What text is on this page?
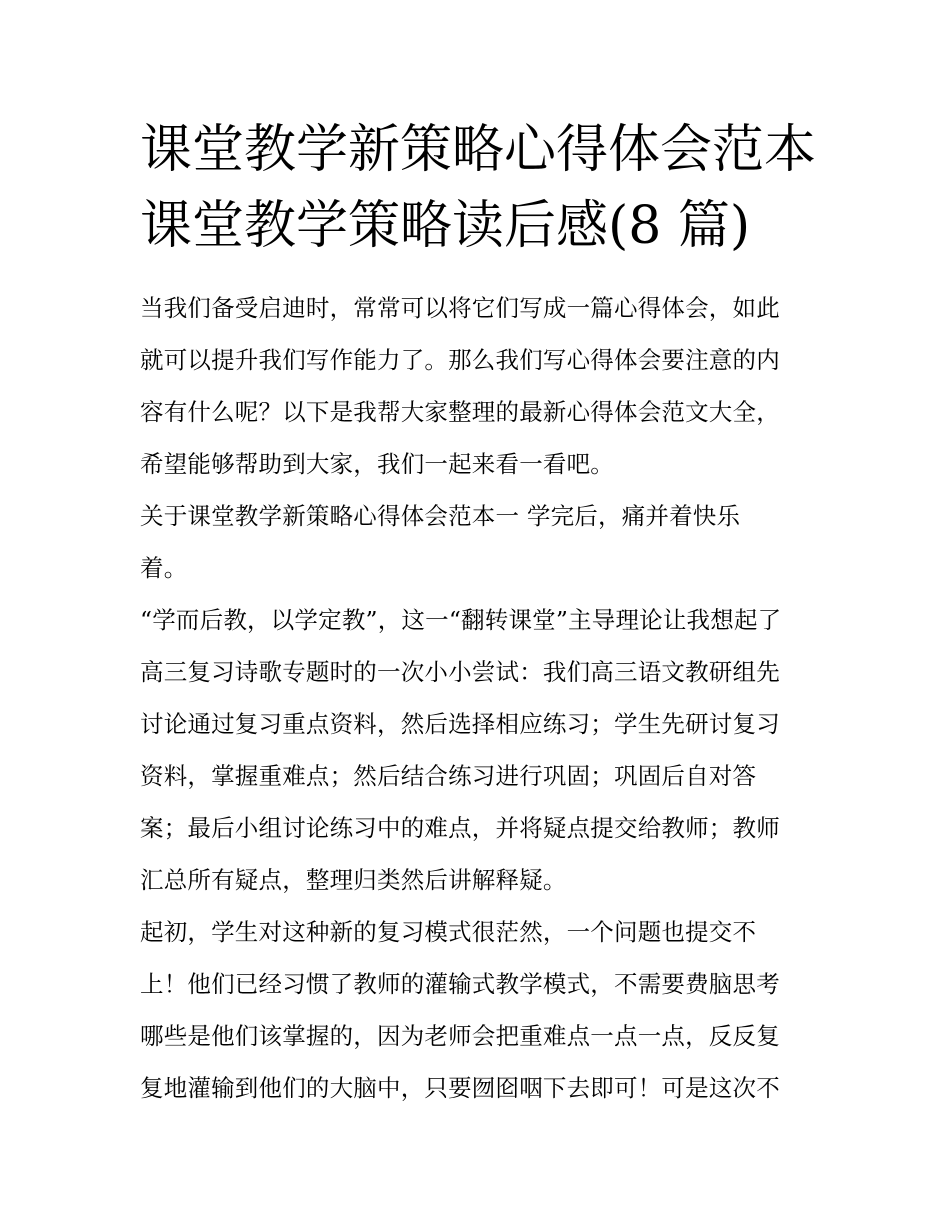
课堂教学新策略心得体会范本
课堂教学策略读后感(8 篇)
当我们备受启迪时，常常可以将它们写成一篇心得体会，如此
就可以提升我们写作能力了。那么我们写心得体会要注意的内
容有什么呢？以下是我帮大家整理的最新心得体会范文大全，
希望能够帮助到大家，我们一起来看一看吧。
关于课堂教学新策略心得体会范本一 学完后，痛并着快乐
着。
“学而后教，以学定教”，这一“翻转课堂”主导理论让我想起了
高三复习诗歌专题时的一次小小尝试：我们高三语文教研组先
讨论通过复习重点资料，然后选择相应练习；学生先研讨复习
资料，掌握重难点；然后结合练习进行巩固；巩固后自对答
案；最后小组讨论练习中的难点，并将疑点提交给教师；教师
汇总所有疑点，整理归类然后讲解释疑。
起初，学生对这种新的复习模式很茫然，一个问题也提交不
上！他们已经习惯了教师的灌输式教学模式，不需要费脑思考
哪些是他们该掌握的，因为老师会把重难点一点一点，反反复
复地灌输到他们的大脑中，只要囫囵咽下去即可！可是这次不
